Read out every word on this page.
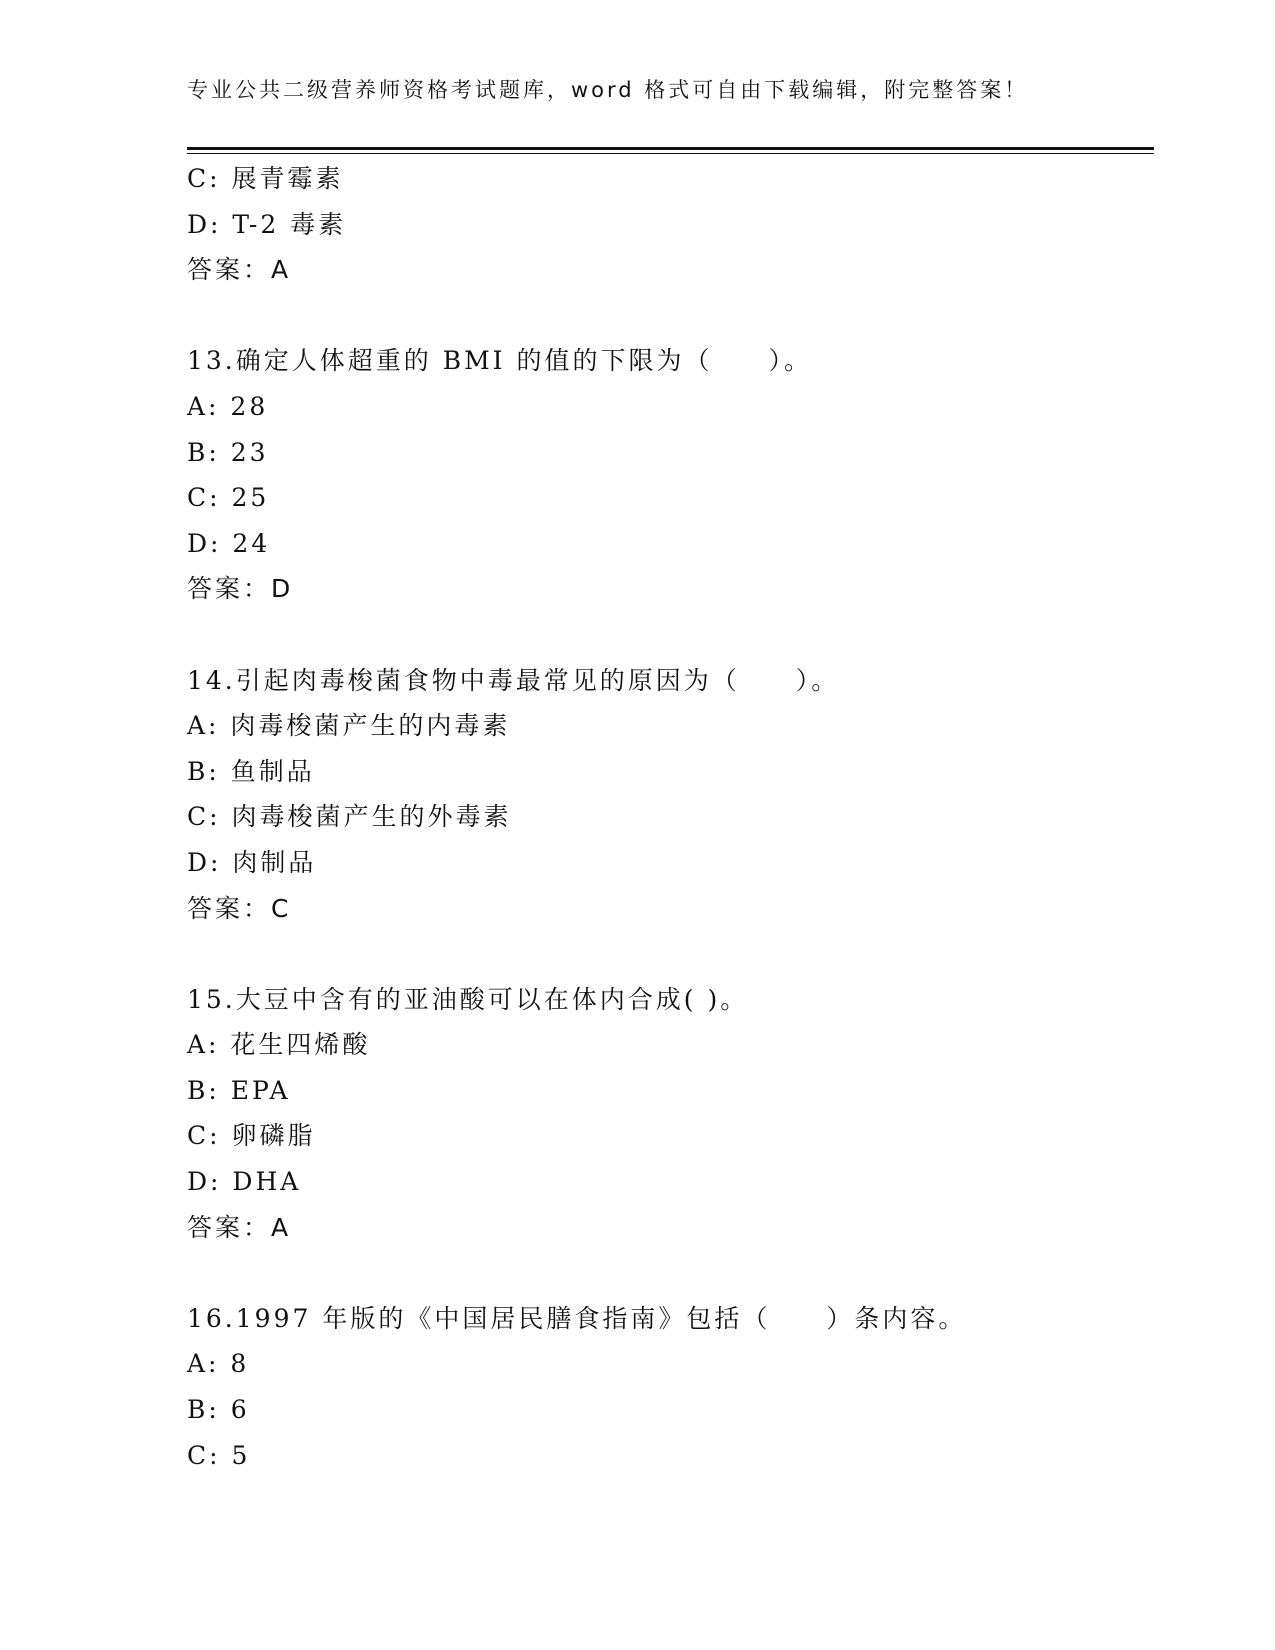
专业公共二级营养师资格考试题库，word 格式可自由下载编辑，附完整答案！
C: 展青霉素
D: T-2 毒素
答案：A
13.确定人体超重的 BMI 的值的下限为（　　）。
A: 28
B: 23
C: 25
D: 24
答案：D
14.引起肉毒梭菌食物中毒最常见的原因为（　　）。
A: 肉毒梭菌产生的内毒素
B: 鱼制品
C: 肉毒梭菌产生的外毒素
D: 肉制品
答案：C
15.大豆中含有的亚油酸可以在体内合成( )。
A: 花生四烯酸
B: EPA
C: 卵磷脂
D: DHA
答案：A
16.1997 年版的《中国居民膳食指南》包括（　　）条内容。
A: 8
B: 6
C: 5
